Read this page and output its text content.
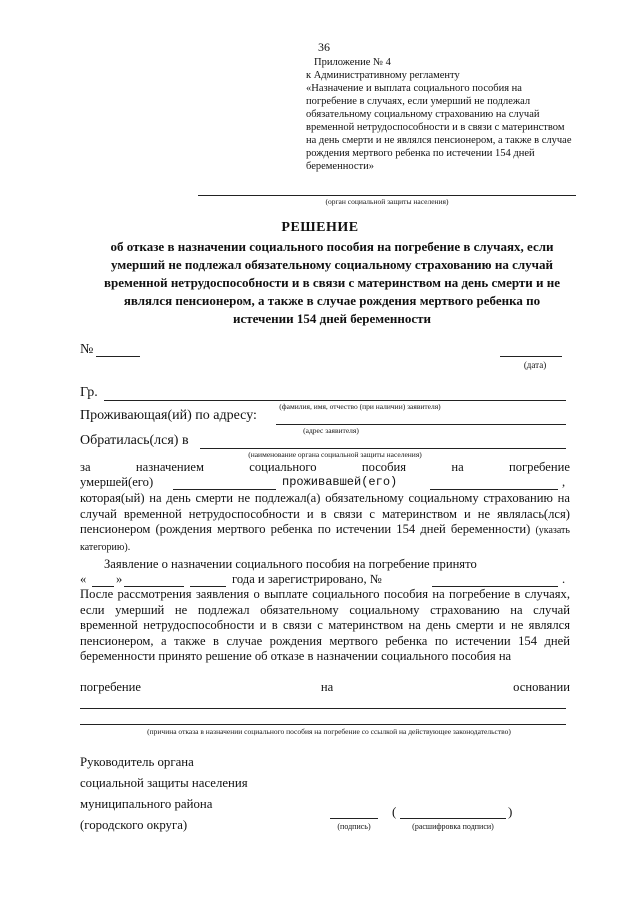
36
Приложение № 4
к Административному регламенту
«Назначение и выплата социального пособия на погребение в случаях, если умерший не подлежал обязательному социальному страхованию на случай временной нетрудоспособности и в связи с материнством на день смерти и не являлся пенсионером, а также в случае рождения мертвого ребенка по истечении 154 дней беременности»
(орган социальной защиты населения)
РЕШЕНИЕ
об отказе в назначении социального пособия на погребение в случаях, если умерший не подлежал обязательному социальному страхованию на случай временной нетрудоспособности и в связи с материнством на день смерти и не являлся пенсионером, а также в случае рождения мертвого ребенка по истечении 154 дней беременности
№
(дата)
Гр.
(фамилия, имя, отчество (при наличии) заявителя)
Проживающая(ий) по адресу:
(адрес заявителя)
Обратилась(лся) в
(наименование органа социальной защиты населения)
за	назначением	социального	пособия	на	погребение
умершей(его)	проживавшей(его)	,
которая(ый) на день смерти не подлежал(а) обязательному социальному страхованию на случай временной нетрудоспособности и в связи с материнством и не являлась(лся) пенсионером (рождения мертвого ребенка по истечении 154 дней беременности) (указать категорию).
Заявление о назначении социального пособия на погребение принято
« »	года и зарегистрировано, №	.
После рассмотрения заявления о выплате социального пособия на погребение в случаях, если умерший не подлежал обязательному социальному страхованию на случай временной нетрудоспособности и в связи с материнством на день смерти и не являлся пенсионером, а также в случае рождения мертвого ребенка по истечении 154 дней беременности принято решение об отказе в назначении социального пособия на
погребение	на	основании
(причина отказа в назначении социального пособия на погребение со ссылкой на действующее законодательство)
Руководитель органа
социальной защиты населения
муниципального района
(городского округа)	(подпись)
(	)
(расшифровка подписи)
